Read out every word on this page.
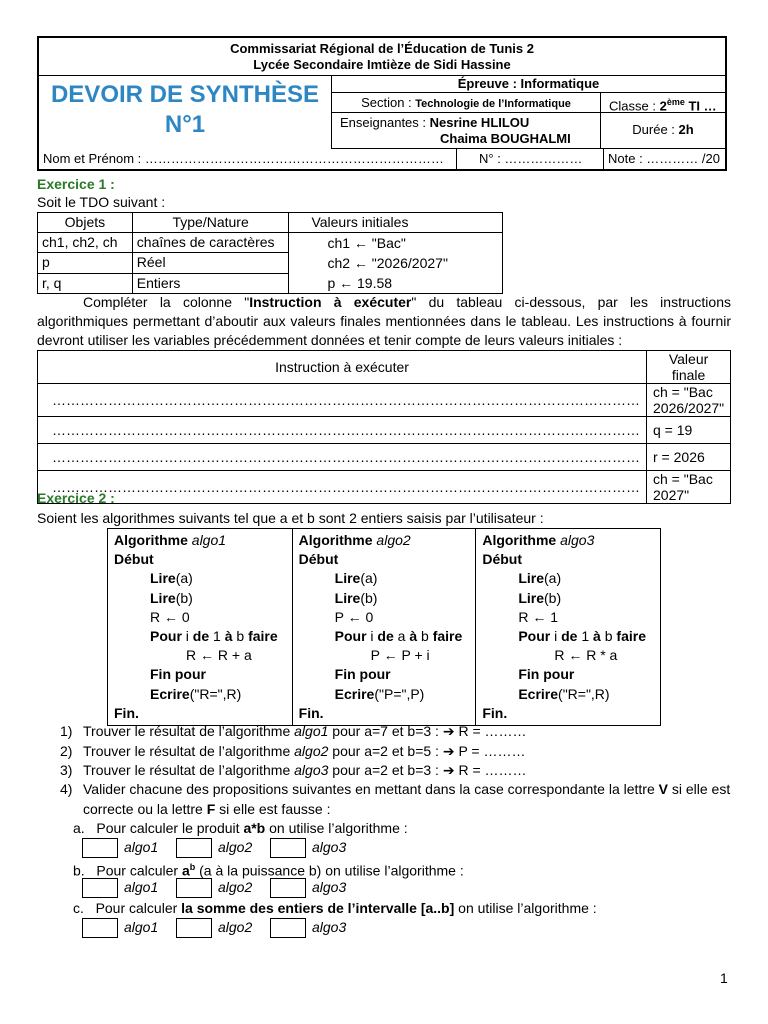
Commissariat Régional de l’Éducation de Tunis 2
Lycée Secondaire Imtièze de Sidi Hassine
DEVOIR DE SYNTHÈSE
N°1
Épreuve : Informatique
Section : Technologie de l’Informatique	Classe : 2ème TI …
Enseignantes : Nesrine HLILOU
Chaima BOUGHALMI
Durée : 2h
Nom et Prénom : ……………………………………………………………	N° : ………………	Note : ………… /20
Exercice 1 :
Soit le TDO suivant :
Objets	Type/Nature	Valeurs initiales
ch1, ch2, ch	chaînes de caractères	ch1 ← "Bac"
ch2 ← "2026/2027"
p ← 19.58

p	Réel	
r, q	Entiers	
Compléter la colonne "Instruction à exécuter" du tableau ci-dessous, par les instructions algorithmiques permettant d’aboutir aux valeurs finales mentionnées dans le tableau. Les instructions à fournir devront utiliser les variables précédemment données et tenir compte de leurs valeurs initiales :
Instruction à exécuter	Valeur finale
………………………………………………………………………………………………………………	ch = "Bac 2026/2027"
………………………………………………………………………………………………………………	q = 19
………………………………………………………………………………………………………………	r = 2026
………………………………………………………………………………………………………………	ch = "Bac 2027"
Exercice 2 :
Soient les algorithmes suivants tel que a et b sont 2 entiers saisis par l’utilisateur :
Algorithme algo1
Début
Lire(a)
Lire(b)
R ← 0
Pour i de 1 à b faire
R ← R + a
Fin pour
Ecrire("R=",R)
Fin.

Algorithme algo2
Début
Lire(a)
Lire(b)
P ← 0
Pour i de a à b faire
P ← P + i
Fin pour
Ecrire("P=",P)
Fin.

Algorithme algo3
Début
Lire(a)
Lire(b)
R ← 1
Pour i de 1 à b faire
R ← R * a
Fin pour
Ecrire("R=",R)
Fin.
1) Trouver le résultat de l’algorithme algo1 pour a=7 et b=3 : ➔ R = ………
2) Trouver le résultat de l’algorithme algo2 pour a=2 et b=5 : ➔ P = ………
3) Trouver le résultat de l’algorithme algo3 pour a=2 et b=3 : ➔ R = ………
4) Valider chacune des propositions suivantes en mettant dans la case correspondante la lettre V si elle est correcte ou la lettre F si elle est fausse :
a. Pour calculer le produit a*b on utilise l’algorithme :
algo1	algo2	algo3
b. Pour calculer $a^b$ (a à la puissance b) on utilise l’algorithme :
algo1	algo2	algo3
c. Pour calculer la somme des entiers de l’intervalle [a..b] on utilise l’algorithme :
algo1	algo2	algo3
1
